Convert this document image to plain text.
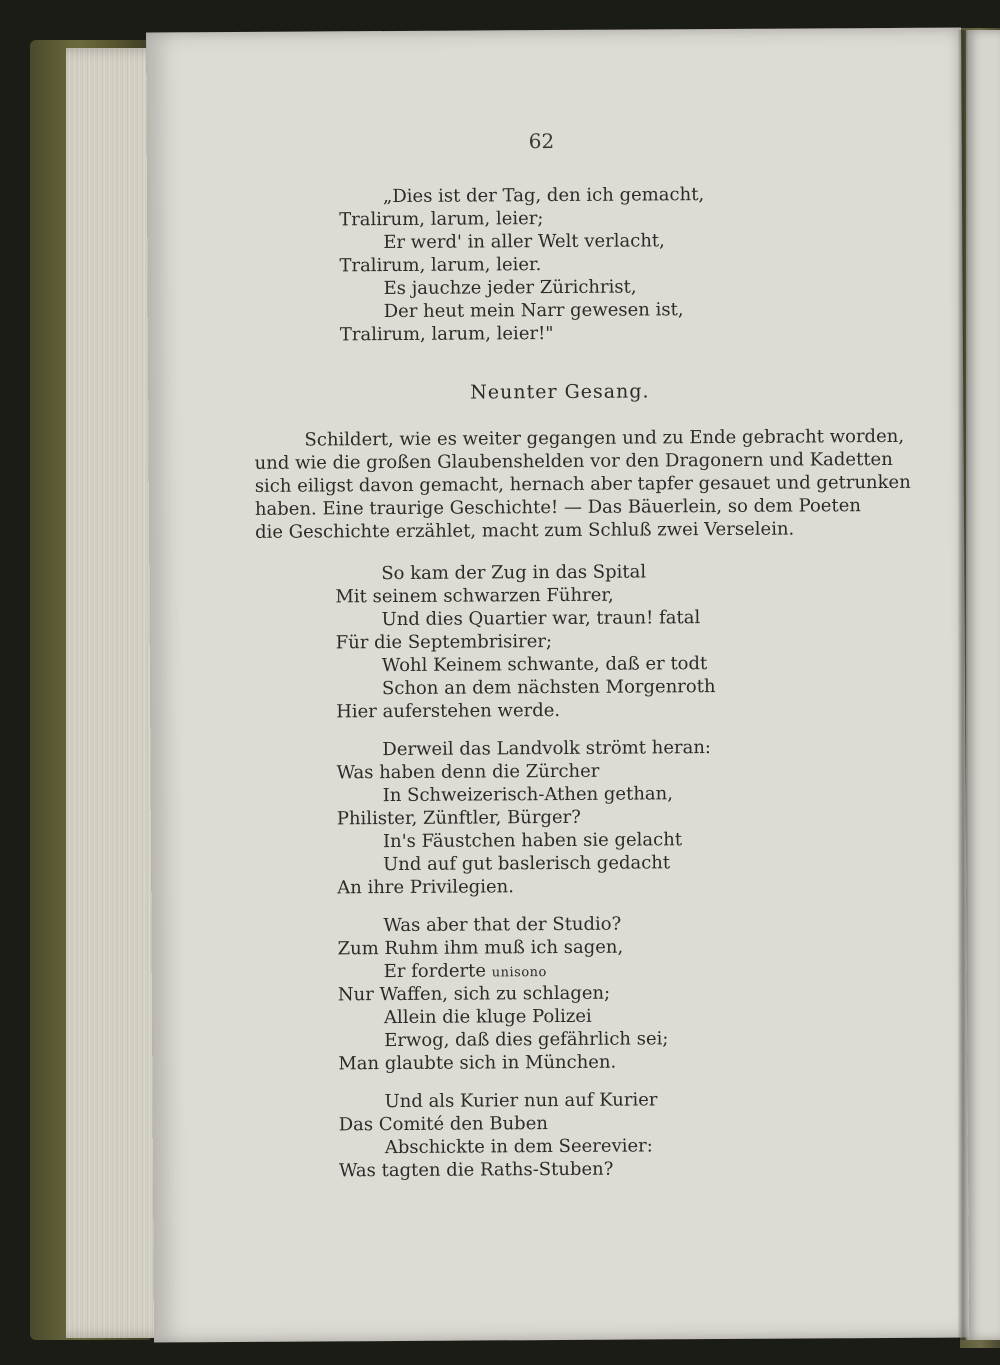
62
„Dies ist der Tag, den ich gemacht,
Tralirum, larum, leier;
Er werd' in aller Welt verlacht,
Tralirum, larum, leier.
Es jauchze jeder Zürichrist,
Der heut mein Narr gewesen ist,
Tralirum, larum, leier!"
Neunter Gesang.
Schildert, wie es weiter gegangen und zu Ende gebracht worden,
und wie die großen Glaubenshelden vor den Dragonern und Kadetten
sich eiligst davon gemacht, hernach aber tapfer gesauet und getrunken
haben. Eine traurige Geschichte! — Das Bäuerlein, so dem Poeten
die Geschichte erzählet, macht zum Schluß zwei Verselein.
So kam der Zug in das Spital
Mit seinem schwarzen Führer,
Und dies Quartier war, traun! fatal
Für die Septembrisirer;
Wohl Keinem schwante, daß er todt
Schon an dem nächsten Morgenroth
Hier auferstehen werde.
Derweil das Landvolk strömt heran:
Was haben denn die Zürcher
In Schweizerisch-Athen gethan,
Philister, Zünftler, Bürger?
In's Fäustchen haben sie gelacht
Und auf gut baslerisch gedacht
An ihre Privilegien.
Was aber that der Studio?
Zum Ruhm ihm muß ich sagen,
Er forderte unisono
Nur Waffen, sich zu schlagen;
Allein die kluge Polizei
Erwog, daß dies gefährlich sei;
Man glaubte sich in München.
Und als Kurier nun auf Kurier
Das Comité den Buben
Abschickte in dem Seerevier:
Was tagten die Raths-Stuben?
